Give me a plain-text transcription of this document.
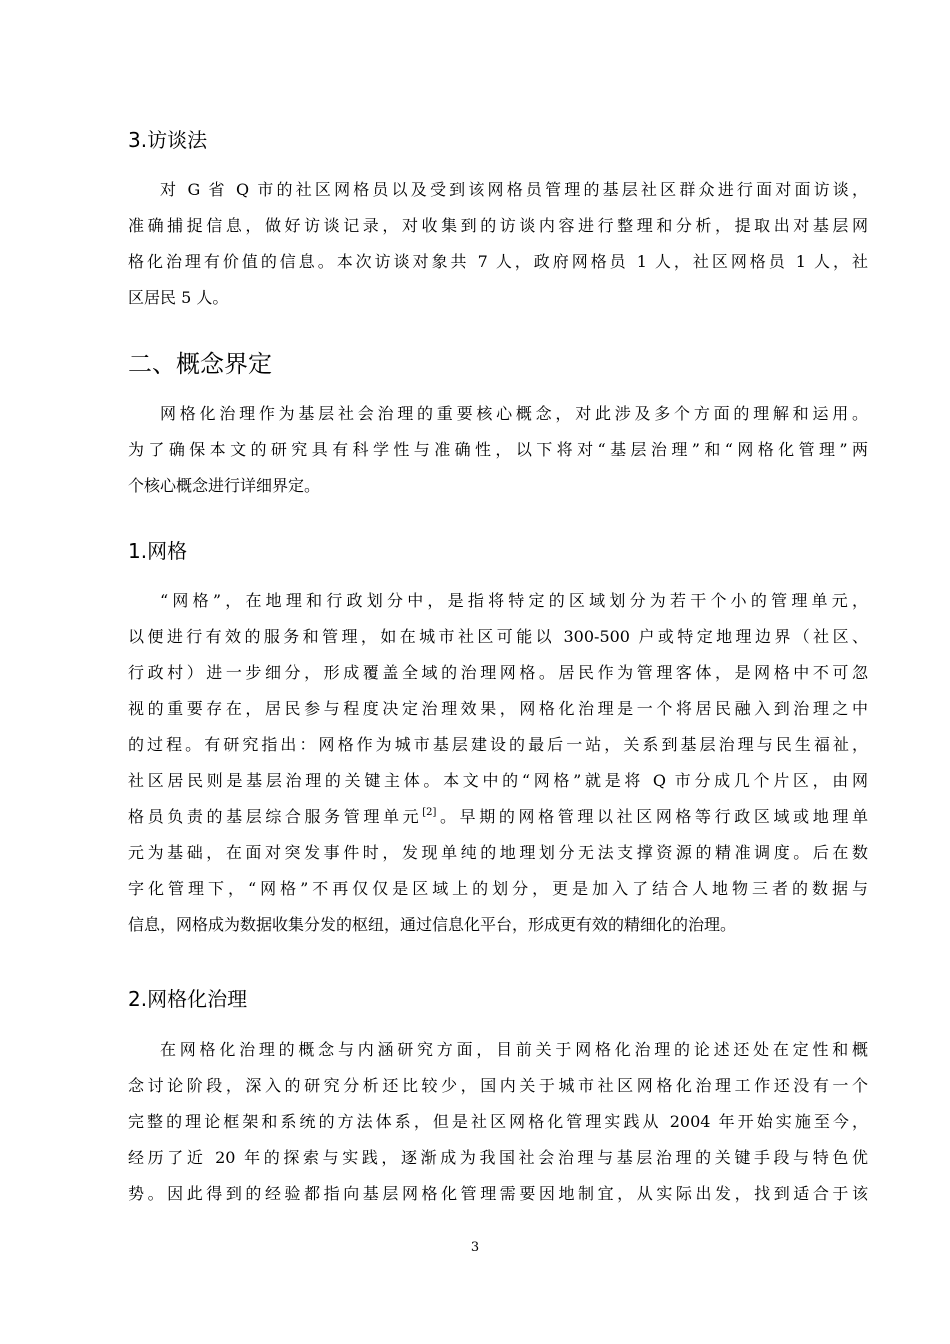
3.访谈法
对 G 省 Q 市的社区网格员以及受到该网格员管理的基层社区群众进行面对面访谈，
准确捕捉信息，做好访谈记录，对收集到的访谈内容进行整理和分析，提取出对基层网
格化治理有价值的信息。本次访谈对象共 7 人，政府网格员 1 人，社区网格员 1 人，社
区居民 5 人。
二、概念界定
网格化治理作为基层社会治理的重要核心概念，对此涉及多个方面的理解和运用。
为了确保本文的研究具有科学性与准确性，以下将对“基层治理”和“网格化管理”两
个核心概念进行详细界定。
1.网格
“网格”，在地理和行政划分中，是指将特定的区域划分为若干个小的管理单元，
以便进行有效的服务和管理，如在城市社区可能以 300-500 户或特定地理边界（社区、
行政村）进一步细分，形成覆盖全域的治理网格。居民作为管理客体，是网格中不可忽
视的重要存在，居民参与程度决定治理效果，网格化治理是一个将居民融入到治理之中
的过程。有研究指出：网格作为城市基层建设的最后一站，关系到基层治理与民生福祉，
社区居民则是基层治理的关键主体。本文中的“网格”就是将 Q 市分成几个片区，由网
格员负责的基层综合服务管理单元[2]。早期的网格管理以社区网格等行政区域或地理单
元为基础，在面对突发事件时，发现单纯的地理划分无法支撑资源的精准调度。后在数
字化管理下，“网格”不再仅仅是区域上的划分，更是加入了结合人地物三者的数据与
信息，网格成为数据收集分发的枢纽，通过信息化平台，形成更有效的精细化的治理。
2.网格化治理
在网格化治理的概念与内涵研究方面，目前关于网格化治理的论述还处在定性和概
念讨论阶段，深入的研究分析还比较少，国内关于城市社区网格化治理工作还没有一个
完整的理论框架和系统的方法体系，但是社区网格化管理实践从 2004 年开始实施至今，
经历了近 20 年的探索与实践，逐渐成为我国社会治理与基层治理的关键手段与特色优
势。因此得到的经验都指向基层网格化管理需要因地制宜，从实际出发，找到适合于该
3
